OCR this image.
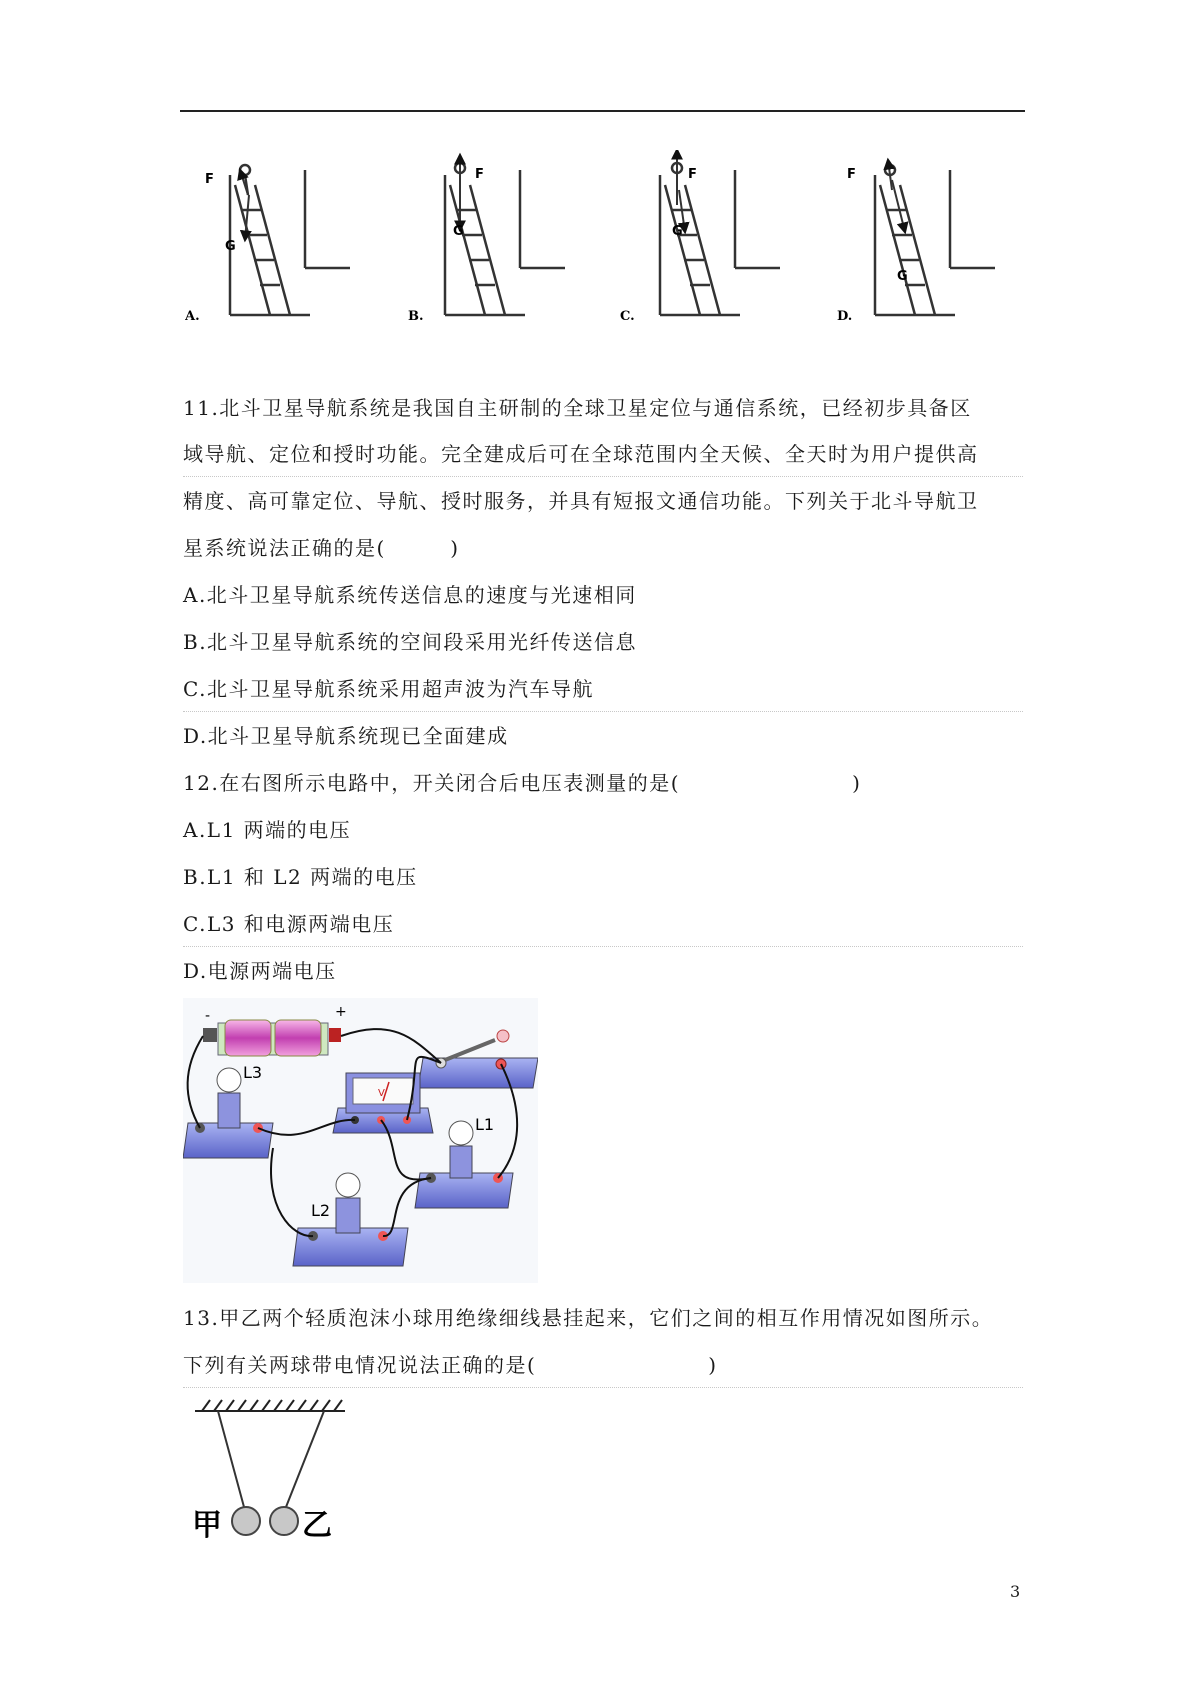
F
G
A.
F
G
B.
F
G
C.
F
G
D.
11.北斗卫星导航系统是我国自主研制的全球卫星定位与通信系统，已经初步具备区
域导航、定位和授时功能。完全建成后可在全球范围内全天候、全天时为用户提供高
精度、高可靠定位、导航、授时服务，并具有短报文通信功能。下列关于北斗导航卫
星系统说法正确的是(　　　)
A.北斗卫星导航系统传送信息的速度与光速相同
B.北斗卫星导航系统的空间段采用光纤传送信息
C.北斗卫星导航系统采用超声波为汽车导航
D.北斗卫星导航系统现已全面建成
12.在右图所示电路中，开关闭合后电压表测量的是(　　　　　　　　)
A.L1 两端的电压
B.L1 和 L2 两端的电压
C.L3 和电源两端电压
D.电源两端电压
-	+
V
L3
L1
L2
13.甲乙两个轻质泡沫小球用绝缘细线悬挂起来，它们之间的相互作用情况如图所示。
下列有关两球带电情况说法正确的是(　　　　　　　　)
甲	乙
3
